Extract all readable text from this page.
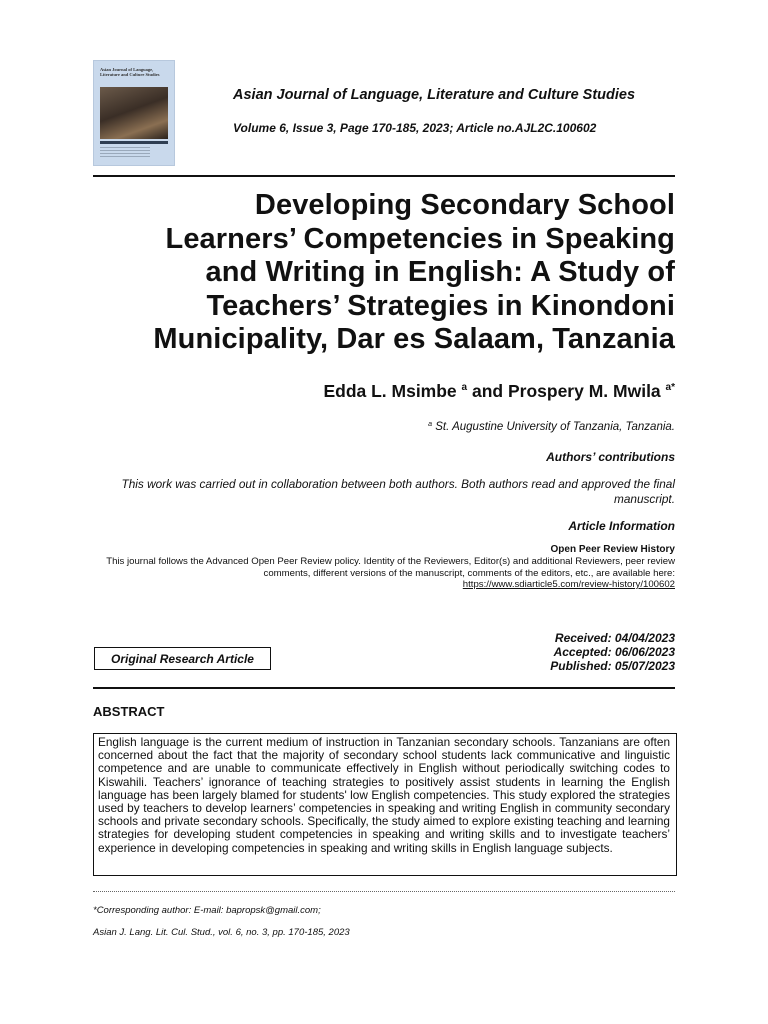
Asian Journal of Language, Literature and Culture Studies
Asian Journal of Language, Literature and Culture Studies
Volume 6, Issue 3, Page 170-185, 2023; Article no.AJL2C.100602
Developing Secondary School
Learners’ Competencies in Speaking
and Writing in English: A Study of
Teachers’ Strategies in Kinondoni
Municipality, Dar es Salaam, Tanzania
Edda L. Msimbe $^a$ and Prospery M. Mwila $^{a*}$
$^a$ St. Augustine University of Tanzania, Tanzania.
Authors’ contributions
This work was carried out in collaboration between both authors. Both authors read and approved the final manuscript.
Article Information
Open Peer Review History
This journal follows the Advanced Open Peer Review policy. Identity of the Reviewers, Editor(s) and additional Reviewers, peer review comments, different versions of the manuscript, comments of the editors, etc., are available here:
https://www.sdiarticle5.com/review-history/100602
Received: 04/04/2023
Accepted: 06/06/2023
Published: 05/07/2023
Original Research Article
ABSTRACT
English language is the current medium of instruction in Tanzanian secondary schools. Tanzanians are often concerned about the fact that the majority of secondary school students lack communicative and linguistic competence and are unable to communicate effectively in English without periodically switching codes to Kiswahili. Teachers’ ignorance of teaching strategies to positively assist students in learning the English language has been largely blamed for students' low English competencies. This study explored the strategies used by teachers to develop learners’ competencies in speaking and writing English in community secondary schools and private secondary schools. Specifically, the study aimed to explore existing teaching and learning strategies for developing student competencies in speaking and writing skills and to investigate teachers’ experience in developing competencies in speaking and writing skills in English language subjects.
*Corresponding author: E-mail: bapropsk@gmail.com;
Asian J. Lang. Lit. Cul. Stud., vol. 6, no. 3, pp. 170-185, 2023
